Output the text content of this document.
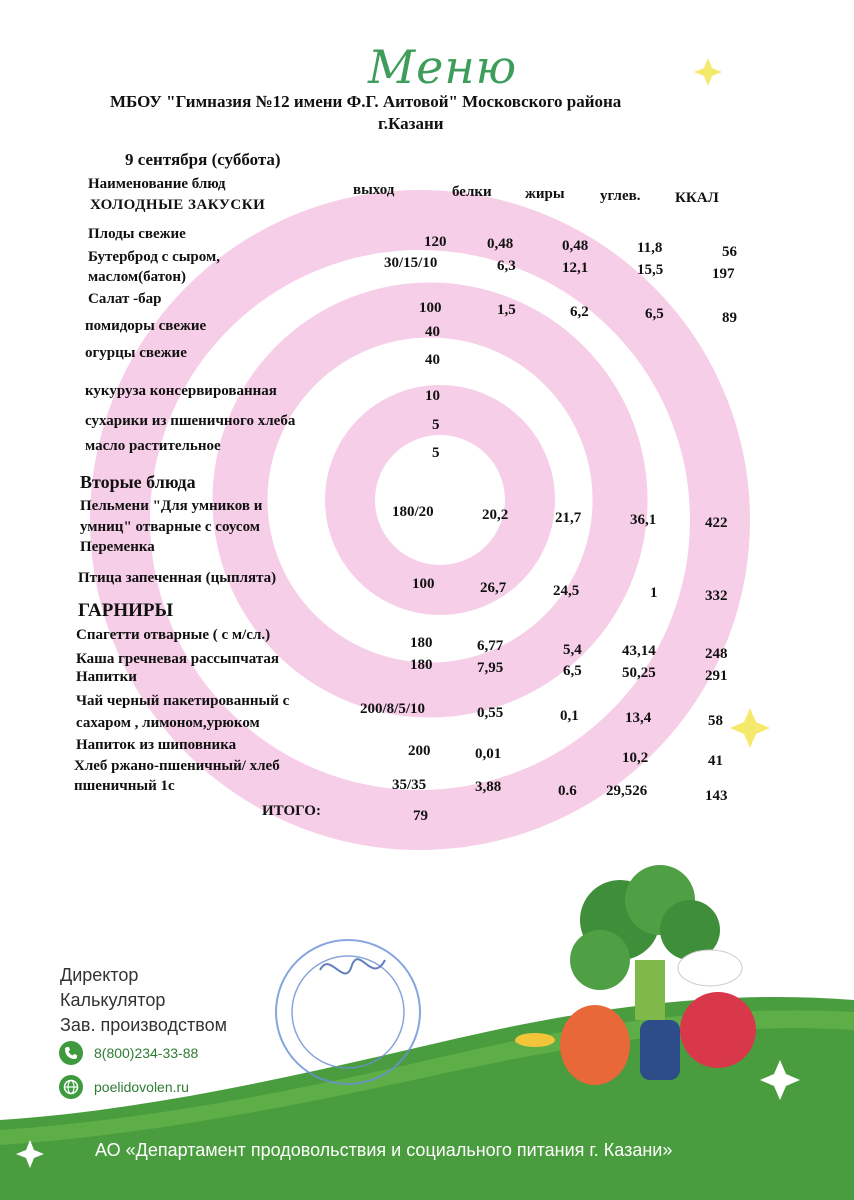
Меню
МБОУ "Гимназия №12 имени Ф.Г. Аитовой" Московского района
г.Казани
9 сентября (суббота)
Наименование блюд	выход	белки жиры углев. ККАЛ
ХОЛОДНЫЕ ЗАКУСКИ
Плоды свежие	120	0,48	0,48	11,8	56
Бутерброд с сыром,
маслом(батон)
30/15/10	6,3	12,1	15,5	197
Салат -бар
100	1,5	6,2	6,5	89
помидоры свежие	40
огурцы свежие	40
кукуруза консервированная	10
сухарики из пшеничного хлеба	5
масло растительное	5
Вторые блюда
Пельмени "Для умников и
умниц" отварные с соусом
Переменка
180/20	20,2	21,7	36,1	422
Птица запеченная (цыплята)	100	26,7	24,5	1	332
ГАРНИРЫ
Спагетти отварные ( с м/сл.)	180	6,77	5,4	43,14	248
Каша гречневая рассыпчатая	180	7,95	6,5	50,25	291
Напитки
Чай черный пакетированный с
сахаром , лимоном,урюком
200/8/5/10	0,55	0,1	13,4	58
Напиток из шиповника	200	0,01	10,2	41
Хлеб ржано-пшеничный/ хлеб
пшеничный 1с	35/35	3,88	0.6 29,526	143
ИТОГО:	79
Директор
Калькулятор
Зав. производством
8(800)234-33-88
poelidovolen.ru
АО «Департамент продовольствия и социального питания г. Казани»
